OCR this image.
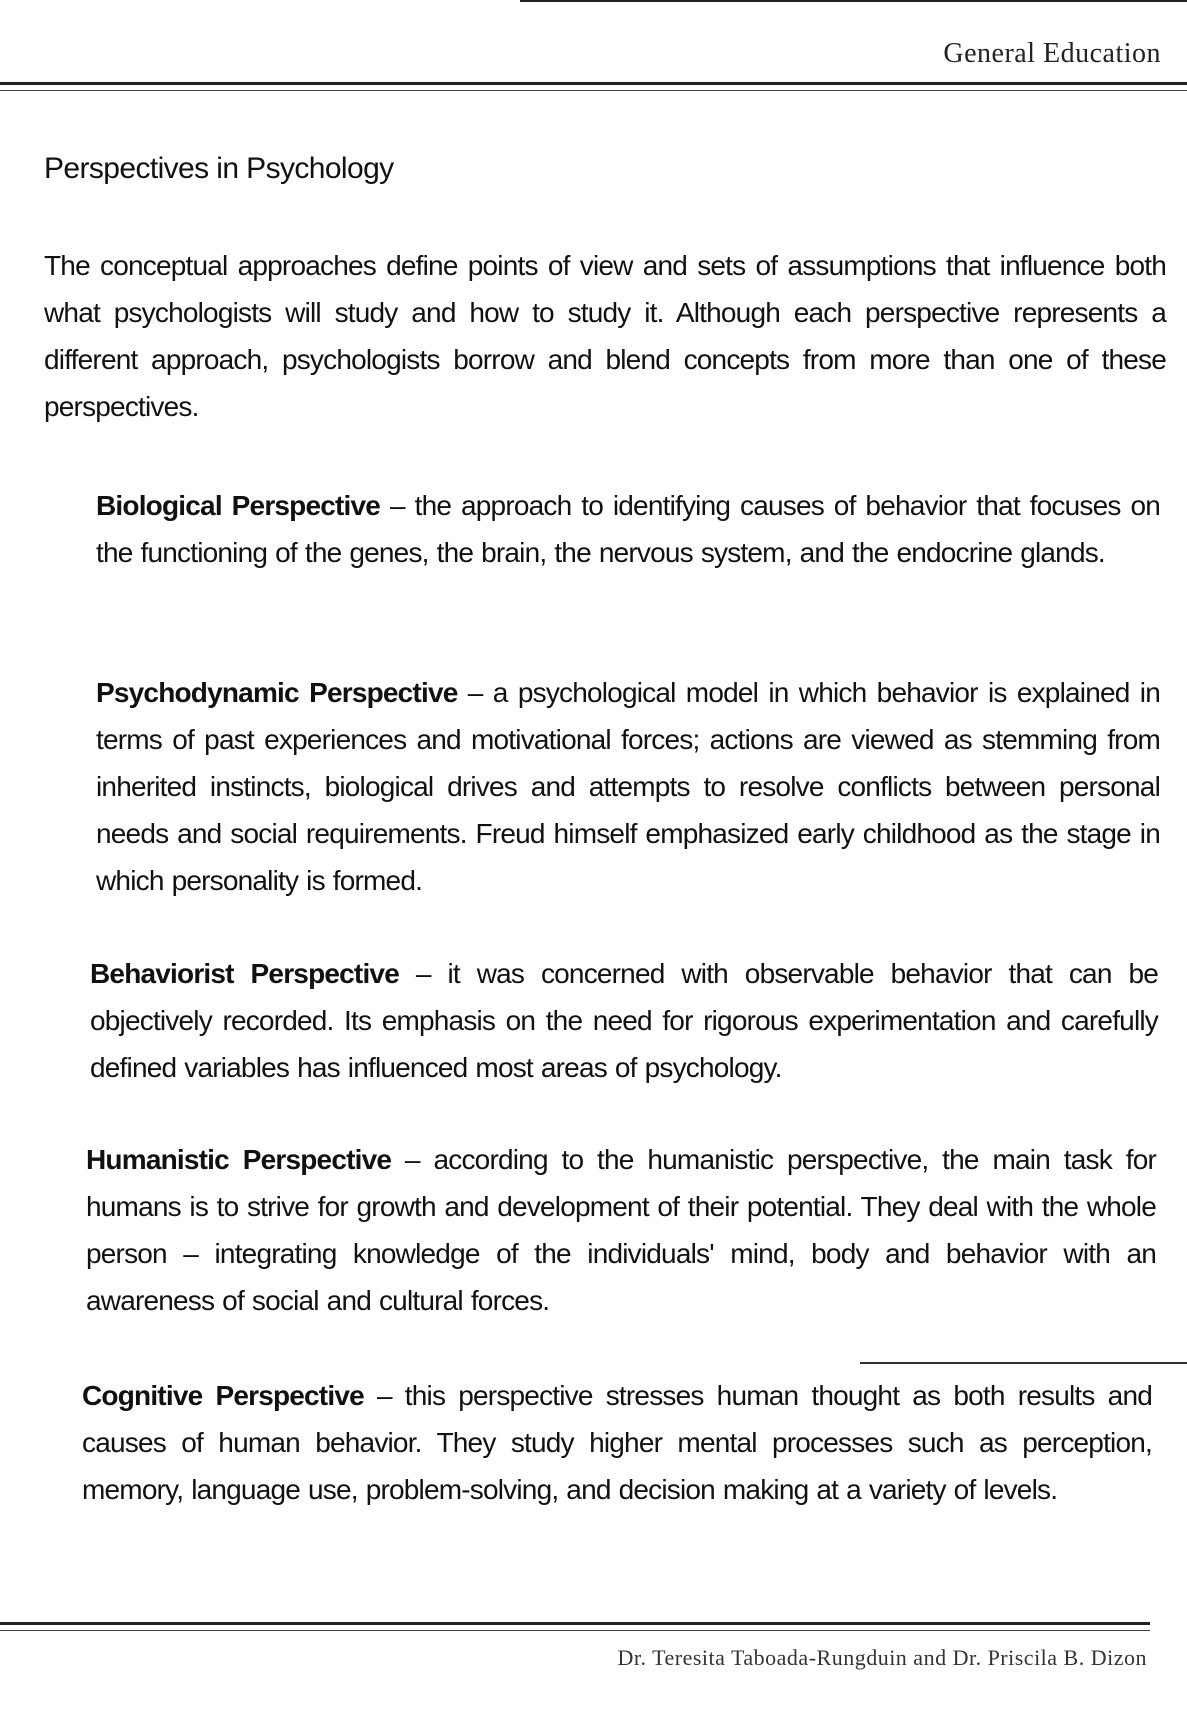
General Education
Perspectives in Psychology
The conceptual approaches define points of view and sets of assumptions that influence both what psychologists will study and how to study it. Although each perspective represents a different approach, psychologists borrow and blend concepts from more than one of these perspectives.
Biological Perspective – the approach to identifying causes of behavior that focuses on the functioning of the genes, the brain, the nervous system, and the endocrine glands.
Psychodynamic Perspective – a psychological model in which behavior is explained in terms of past experiences and motivational forces; actions are viewed as stemming from inherited instincts, biological drives and attempts to resolve conflicts between personal needs and social requirements. Freud himself emphasized early childhood as the stage in which personality is formed.
Behaviorist Perspective – it was concerned with observable behavior that can be objectively recorded. Its emphasis on the need for rigorous experimentation and carefully defined variables has influenced most areas of psychology.
Humanistic Perspective – according to the humanistic perspective, the main task for humans is to strive for growth and development of their potential. They deal with the whole person – integrating knowledge of the individuals' mind, body and behavior with an awareness of social and cultural forces.
Cognitive Perspective – this perspective stresses human thought as both results and causes of human behavior. They study higher mental processes such as perception, memory, language use, problem-solving, and decision making at a variety of levels.
Dr. Teresita Taboada-Rungduin and Dr. Priscila B. Dizon
